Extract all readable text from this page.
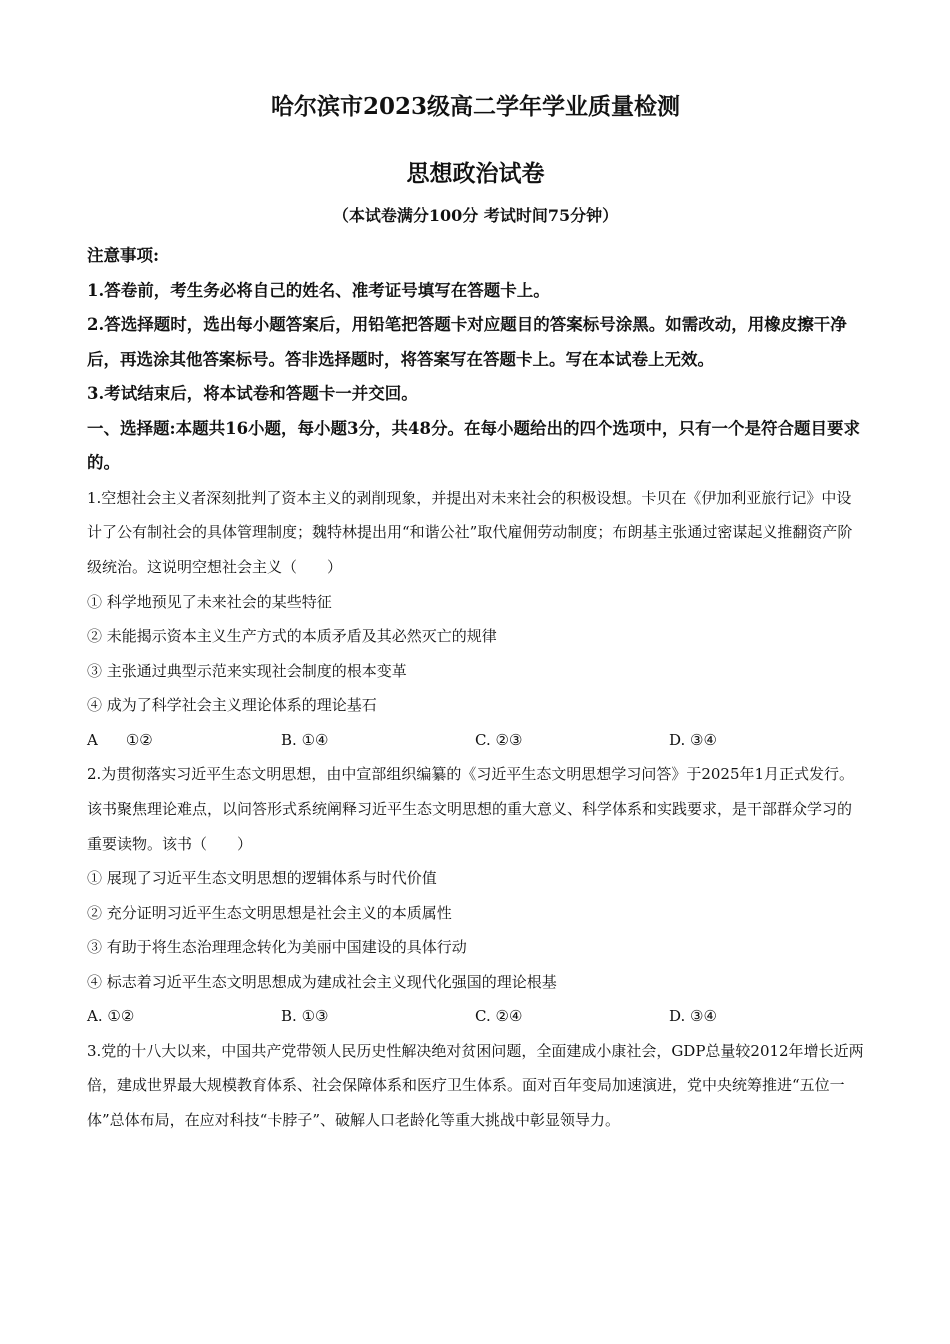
哈尔滨市2023级高二学年学业质量检测
思想政治试卷
（本试卷满分100分 考试时间75分钟）

注意事项:

1.答卷前，考生务必将自己的姓名、准考证号填写在答题卡上。

2.答选择题时，选出每小题答案后，用铅笔把答题卡对应题目的答案标号涂黑。如需改动，用橡皮擦干净后，再选涂其他答案标号。答非选择题时，将答案写在答题卡上。写在本试卷上无效。

3.考试结束后，将本试卷和答题卡一并交回。

一、选择题:本题共16小题，每小题3分，共48分。在每小题给出的四个选项中，只有一个是符合题目要求的。

1.空想社会主义者深刻批判了资本主义的剥削现象，并提出对未来社会的积极设想。卡贝在《伊加利亚旅行记》中设计了公有制社会的具体管理制度；魏特林提出用“和谐公社”取代雇佣劳动制度；布朗基主张通过密谋起义推翻资产阶级统治。这说明空想社会主义（　　）

① 科学地预见了未来社会的某些特征

② 未能揭示资本主义生产方式的本质矛盾及其必然灭亡的规律

③ 主张通过典型示范来实现社会制度的根本变革

④ 成为了科学社会主义理论体系的理论基石

A ①②	B. ①④	C. ②③	D. ③④

2.为贯彻落实习近平生态文明思想，由中宣部组织编纂的《习近平生态文明思想学习问答》于2025年1月正式发行。该书聚焦理论难点，以问答形式系统阐释习近平生态文明思想的重大意义、科学体系和实践要求，是干部群众学习的重要读物。该书（　　）

① 展现了习近平生态文明思想的逻辑体系与时代价值

② 充分证明习近平生态文明思想是社会主义的本质属性

③ 有助于将生态治理理念转化为美丽中国建设的具体行动

④ 标志着习近平生态文明思想成为建成社会主义现代化强国的理论根基

A. ①②	B. ①③	C. ②④	D. ③④

3.党的十八大以来，中国共产党带领人民历史性解决绝对贫困问题，全面建成小康社会，GDP总量较2012年增长近两倍，建成世界最大规模教育体系、社会保障体系和医疗卫生体系。面对百年变局加速演进，党中央统筹推进“五位一体”总体布局，在应对科技“卡脖子”、破解人口老龄化等重大挑战中彰显领导力。
